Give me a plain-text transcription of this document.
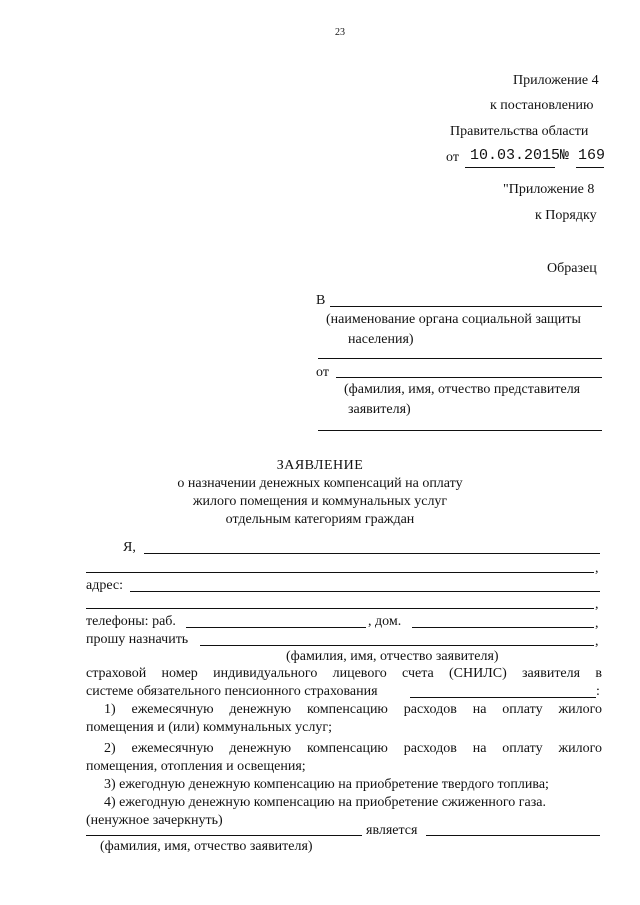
23
Приложение 4
к постановлению
Правительства области
от 10.03.2015 № 169
"Приложение 8
к Порядку
Образец
В
(наименование органа социальной защиты
населения)
от
(фамилия, имя, отчество представителя
заявителя)
ЗАЯВЛЕНИЕ
о назначении денежных компенсаций на оплату
жилого помещения и коммунальных услуг
отдельным категориям граждан
Я,
,
адрес:
,
телефоны: раб.	, дом.	,
прошу назначить	,
(фамилия, имя, отчество заявителя)
страховой номер индивидуального лицевого счета (СНИЛС) заявителя в
системе обязательного пенсионного страхования	:
1) ежемесячную денежную компенсацию расходов на оплату жилого
помещения и (или) коммунальных услуг;
2) ежемесячную денежную компенсацию расходов на оплату жилого
помещения, отопления и освещения;
3) ежегодную денежную компенсацию на приобретение твердого топлива;
4) ежегодную денежную компенсацию на приобретение сжиженного газа.
(ненужное зачеркнуть)
является
(фамилия, имя, отчество заявителя)
